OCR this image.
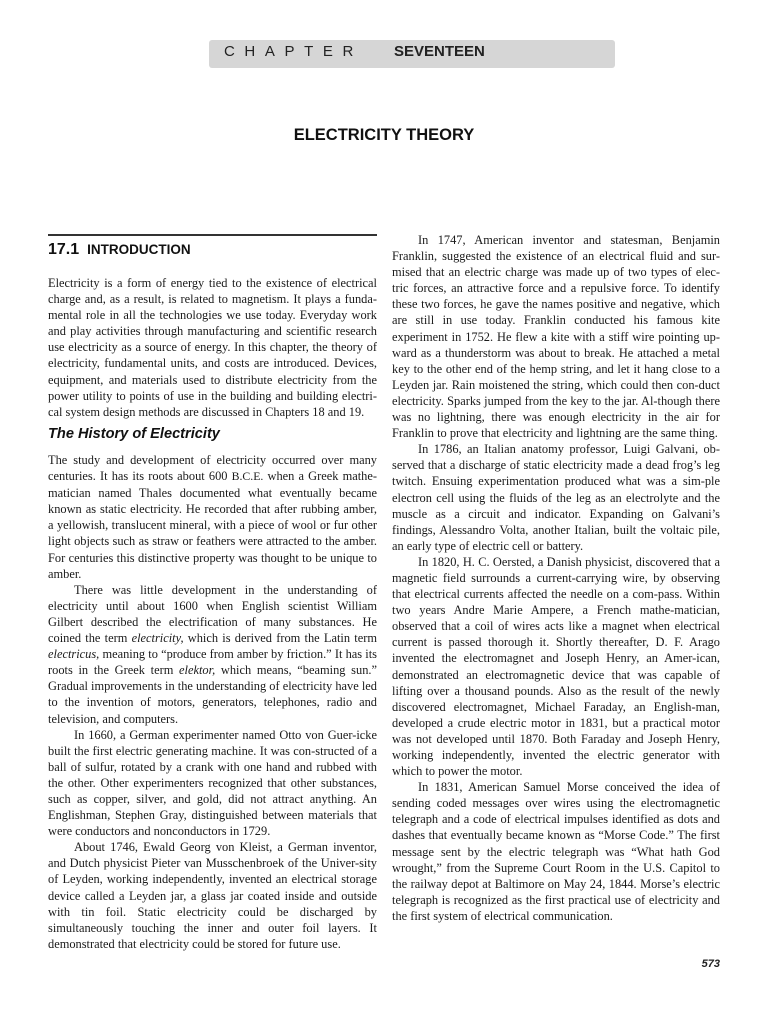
CHAPTER SEVENTEEN
ELECTRICITY THEORY
17.1 INTRODUCTION

Electricity is a form of energy tied to the existence of electrical charge and, as a result, is related to magnetism. It plays a funda-mental role in all the technologies we use today. Everyday work and play activities through manufacturing and scientific research use electricity as a source of energy. In this chapter, the theory of electricity, fundamental units, and costs are introduced. Devices, equipment, and materials used to distribute electricity from the power utility to points of use in the building and building electri-cal system design methods are discussed in Chapters 18 and 19.

The History of Electricity

The study and development of electricity occurred over many centuries. It has its roots about 600 B.C.E. when a Greek mathe-matician named Thales documented what eventually became known as static electricity. He recorded that after rubbing amber, a yellowish, translucent mineral, with a piece of wool or fur other light objects such as straw or feathers were attracted to the amber. For centuries this distinctive property was thought to be unique to amber.

There was little development in the understanding of electricity until about 1600 when English scientist William Gilbert described the electrification of many substances. He coined the term electricity, which is derived from the Latin term electricus, meaning to “produce from amber by friction.” It has its roots in the Greek term elektor, which means, “beaming sun.” Gradual improvements in the understanding of electricity have led to the invention of motors, generators, telephones, radio and television, and computers.

In 1660, a German experimenter named Otto von Guer-icke built the first electric generating machine. It was con-structed of a ball of sulfur, rotated by a crank with one hand and rubbed with the other. Other experimenters recognized that other substances, such as copper, silver, and gold, did not attract anything. An Englishman, Stephen Gray, distinguished between materials that were conductors and nonconductors in 1729.

About 1746, Ewald Georg von Kleist, a German inventor, and Dutch physicist Pieter van Musschenbroek of the Univer-sity of Leyden, working independently, invented an electrical storage device called a Leyden jar, a glass jar coated inside and outside with tin foil. Static electricity could be discharged by simultaneously touching the inner and outer foil layers. It demonstrated that electricity could be stored for future use.

In 1747, American inventor and statesman, Benjamin Franklin, suggested the existence of an electrical fluid and sur-mised that an electric charge was made up of two types of elec-tric forces, an attractive force and a repulsive force. To identify these two forces, he gave the names positive and negative, which are still in use today. Franklin conducted his famous kite experiment in 1752. He flew a kite with a stiff wire pointing up-ward as a thunderstorm was about to break. He attached a metal key to the other end of the hemp string, and let it hang close to a Leyden jar. Rain moistened the string, which could then con-duct electricity. Sparks jumped from the key to the jar. Al-though there was no lightning, there was enough electricity in the air for Franklin to prove that electricity and lightning are the same thing.

In 1786, an Italian anatomy professor, Luigi Galvani, ob-served that a discharge of static electricity made a dead frog’s leg twitch. Ensuing experimentation produced what was a sim-ple electron cell using the fluids of the leg as an electrolyte and the muscle as a circuit and indicator. Expanding on Galvani’s findings, Alessandro Volta, another Italian, built the voltaic pile, an early type of electric cell or battery.

In 1820, H. C. Oersted, a Danish physicist, discovered that a magnetic field surrounds a current-carrying wire, by observing that electrical currents affected the needle on a com-pass. Within two years Andre Marie Ampere, a French mathe-matician, observed that a coil of wires acts like a magnet when electrical current is passed thorough it. Shortly thereafter, D. F. Arago invented the electromagnet and Joseph Henry, an Amer-ican, demonstrated an electromagnetic device that was capable of lifting over a thousand pounds. Also as the result of the newly discovered electromagnet, Michael Faraday, an English-man, developed a crude electric motor in 1831, but a practical motor was not developed until 1870. Both Faraday and Joseph Henry, working independently, invented the electric generator with which to power the motor.

In 1831, American Samuel Morse conceived the idea of sending coded messages over wires using the electromagnetic telegraph and a code of electrical impulses identified as dots and dashes that eventually became known as “Morse Code.” The first message sent by the electric telegraph was “What hath God wrought,” from the Supreme Court Room in the U.S. Capitol to the railway depot at Baltimore on May 24, 1844. Morse’s electric telegraph is recognized as the first practical use of electricity and the first system of electrical communication.

573
